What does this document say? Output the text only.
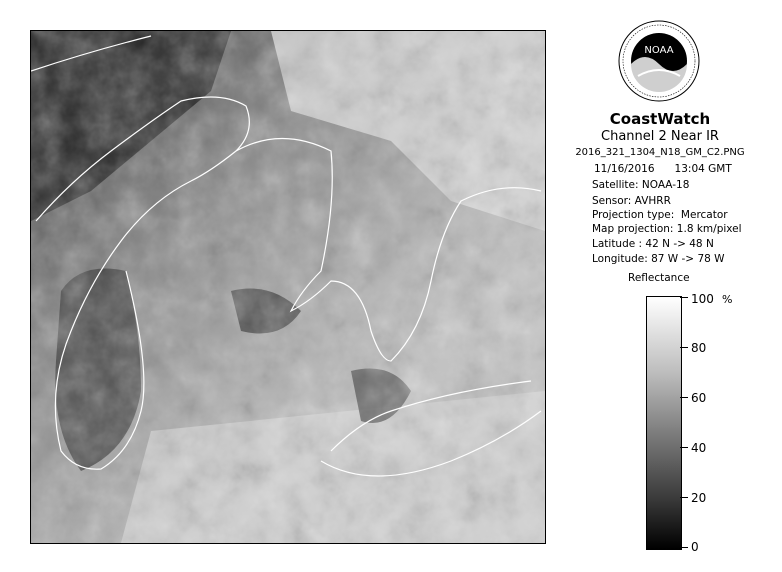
NOAA
CoastWatch
Channel 2 Near IR
2016_321_1304_N18_GM_C2.PNG
11/16/2016      13:04 GMT
Satellite: NOAA-18
Sensor: AVHRR
Projection type:  Mercator
Map projection: 1.8 km/pixel
Latitude : 42 N -> 48 N
Longitude: 87 W -> 78 W
Reflectance
%
100
80
60
40
20
0
